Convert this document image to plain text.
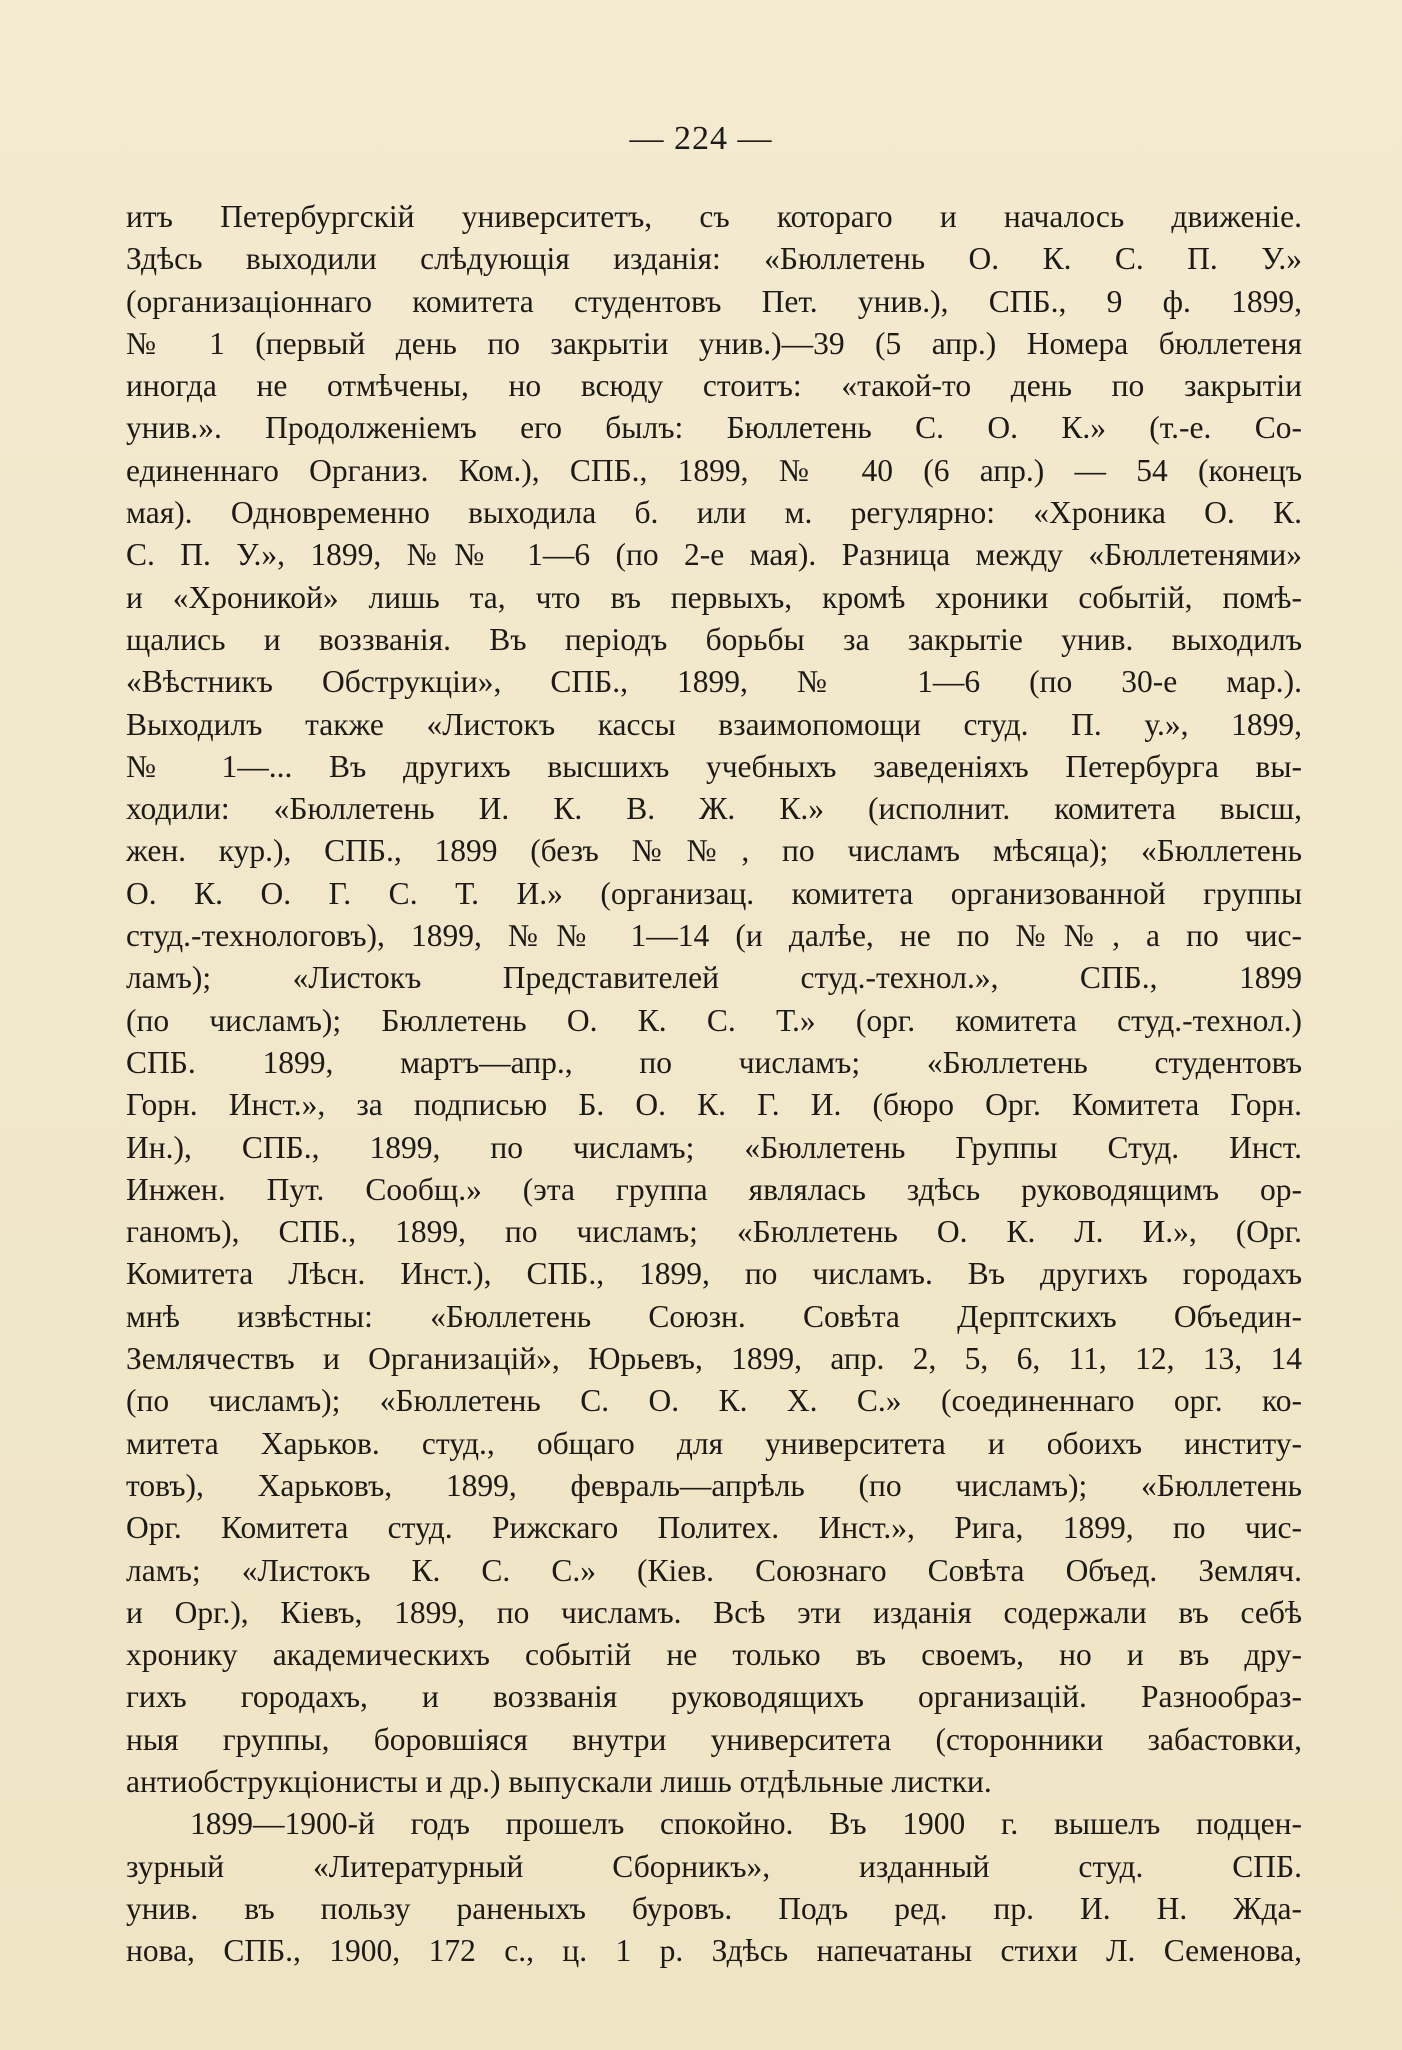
— 224 —
итъ Петербургскій университетъ, съ котораго и началось движеніе.
Здѣсь выходили слѣдующія изданія: «Бюллетень О. К. С. П. У.»
(организаціоннаго комитета студентовъ Пет. унив.), СПБ., 9 ф. 1899,
№ 1 (первый день по закрытіи унив.)—39 (5 апр.) Номера бюллетеня
иногда не отмѣчены, но всюду стоитъ: «такой-то день по закрытіи
унив.». Продолженіемъ его былъ: Бюллетень С. О. К.» (т.-е. Со-
единеннаго Организ. Ком.), СПБ., 1899, № 40 (6 апр.) — 54 (конецъ
мая). Одновременно выходила б. или м. регулярно: «Хроника О. К.
С. П. У.», 1899, №№ 1—6 (по 2-е мая). Разница между «Бюллетенями»
и «Хроникой» лишь та, что въ первыхъ, кромѣ хроники событій, помѣ-
щались и воззванія. Въ періодъ борьбы за закрытіе унив. выходилъ
«Вѣстникъ Обструкціи», СПБ., 1899, № 1—6 (по 30-е мар.).
Выходилъ также «Листокъ кассы взаимопомощи студ. П. у.», 1899,
№ 1—... Въ другихъ высшихъ учебныхъ заведеніяхъ Петербурга вы-
ходили: «Бюллетень И. К. В. Ж. К.» (исполнит. комитета высш,
жен. кур.), СПБ., 1899 (безъ №№, по числамъ мѣсяца); «Бюллетень
О. К. О. Г. С. Т. И.» (организац. комитета организованной группы
студ.-технологовъ), 1899, №№ 1—14 (и далѣе, не по №№, а по чис-
ламъ); «Листокъ Представителей студ.-технол.», СПБ., 1899
(по числамъ); Бюллетень О. К. С. Т.» (орг. комитета студ.-технол.)
СПБ. 1899, мартъ—апр., по числамъ; «Бюллетень студентовъ
Горн. Инст.», за подписью Б. О. К. Г. И. (бюро Орг. Комитета Горн.
Ин.), СПБ., 1899, по числамъ; «Бюллетень Группы Студ. Инст.
Инжен. Пут. Сообщ.» (эта группа являлась здѣсь руководящимъ ор-
ганомъ), СПБ., 1899, по числамъ; «Бюллетень О. К. Л. И.», (Орг.
Комитета Лѣсн. Инст.), СПБ., 1899, по числамъ. Въ другихъ городахъ
мнѣ извѣстны: «Бюллетень Союзн. Совѣта Дерптскихъ Объедин-
Землячествъ и Организацій», Юрьевъ, 1899, апр. 2, 5, 6, 11, 12, 13, 14
(по числамъ); «Бюллетень С. О. К. Х. С.» (соединеннаго орг. ко-
митета Харьков. студ., общаго для университета и обоихъ институ-
товъ), Харьковъ, 1899, февраль—апрѣль (по числамъ); «Бюллетень
Орг. Комитета студ. Рижскаго Политех. Инст.», Рига, 1899, по чис-
ламъ; «Листокъ К. С. С.» (Кіев. Союзнаго Совѣта Объед. Земляч.
и Орг.), Кіевъ, 1899, по числамъ. Всѣ эти изданія содержали въ себѣ
хронику академическихъ событій не только въ своемъ, но и въ дру-
гихъ городахъ, и воззванія руководящихъ организацій. Разнообраз-
ныя группы, боровшіяся внутри университета (сторонники забастовки,
антиобструкціонисты и др.) выпускали лишь отдѣльные листки.
1899—1900-й годъ прошелъ спокойно. Въ 1900 г. вышелъ подцен-
зурный «Литературный Сборникъ», изданный студ. СПБ.
унив. въ пользу раненыхъ буровъ. Подъ ред. пр. И. Н. Жда-
нова, СПБ., 1900, 172 с., ц. 1 р. Здѣсь напечатаны стихи Л. Семенова,
